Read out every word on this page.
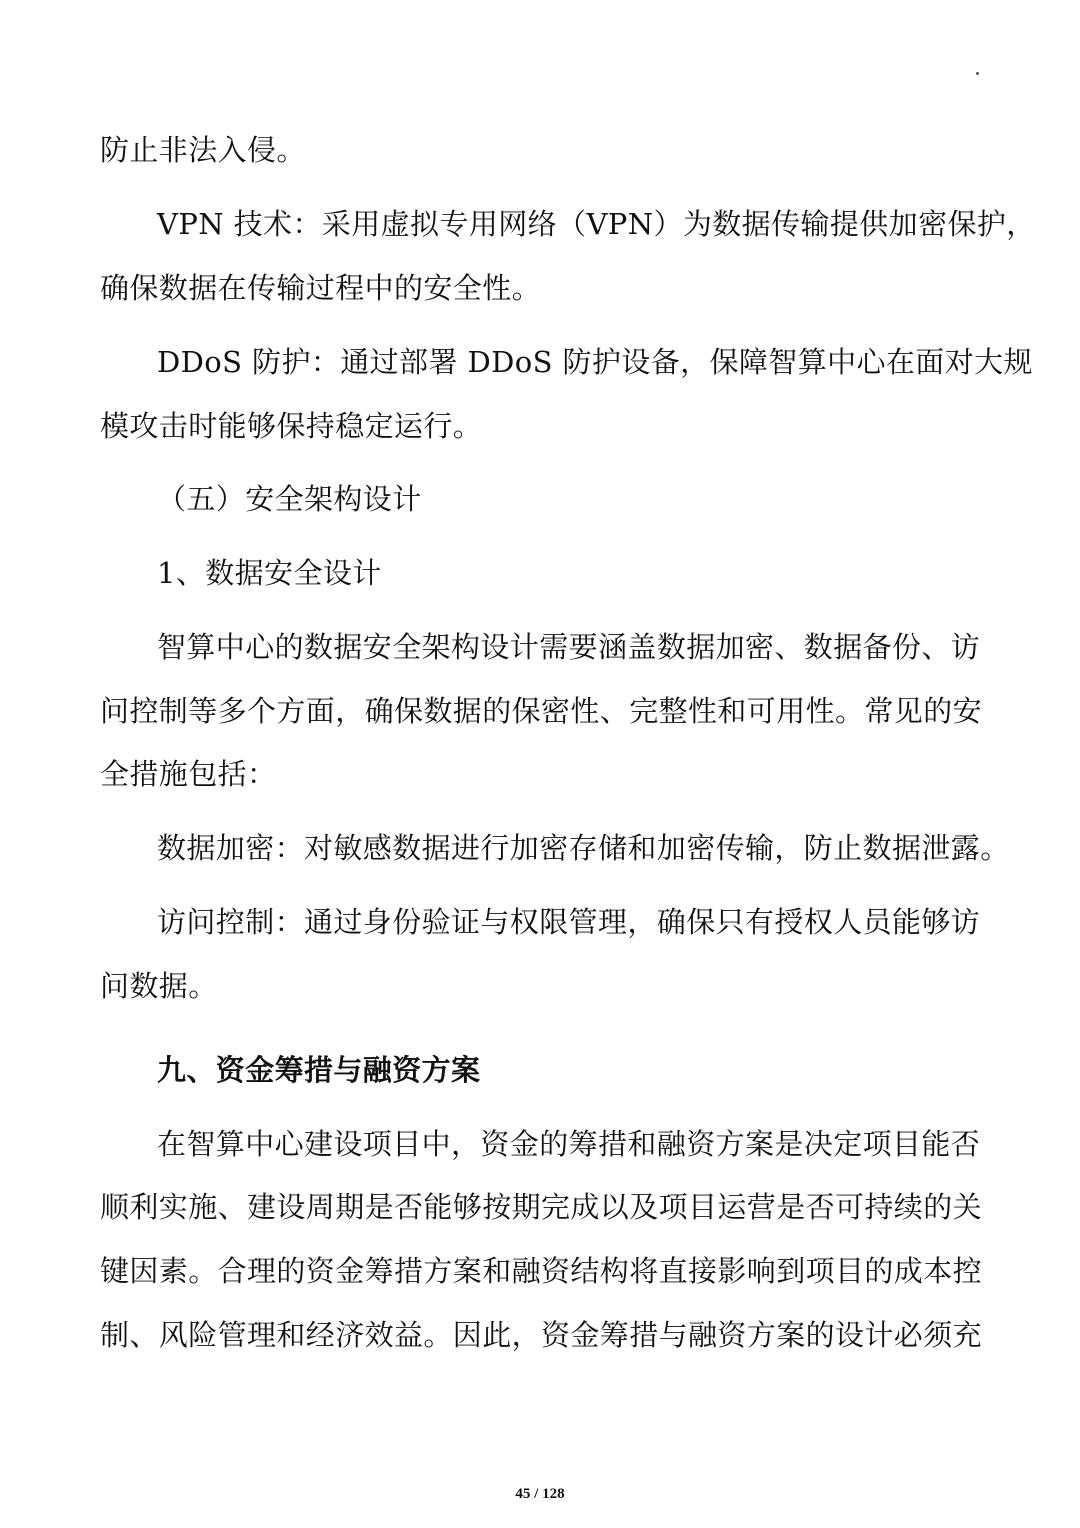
防止非法入侵。
VPN 技术：采用虚拟专用网络（VPN）为数据传输提供加密保护，
确保数据在传输过程中的安全性。
DDoS 防护：通过部署 DDoS 防护设备，保障智算中心在面对大规
模攻击时能够保持稳定运行。
（五）安全架构设计
1、数据安全设计
智算中心的数据安全架构设计需要涵盖数据加密、数据备份、访
问控制等多个方面，确保数据的保密性、完整性和可用性。常见的安
全措施包括：
数据加密：对敏感数据进行加密存储和加密传输，防止数据泄露。
访问控制：通过身份验证与权限管理，确保只有授权人员能够访
问数据。
九、资金筹措与融资方案
在智算中心建设项目中，资金的筹措和融资方案是决定项目能否
顺利实施、建设周期是否能够按期完成以及项目运营是否可持续的关
键因素。合理的资金筹措方案和融资结构将直接影响到项目的成本控
制、风险管理和经济效益。因此，资金筹措与融资方案的设计必须充
45 / 128
